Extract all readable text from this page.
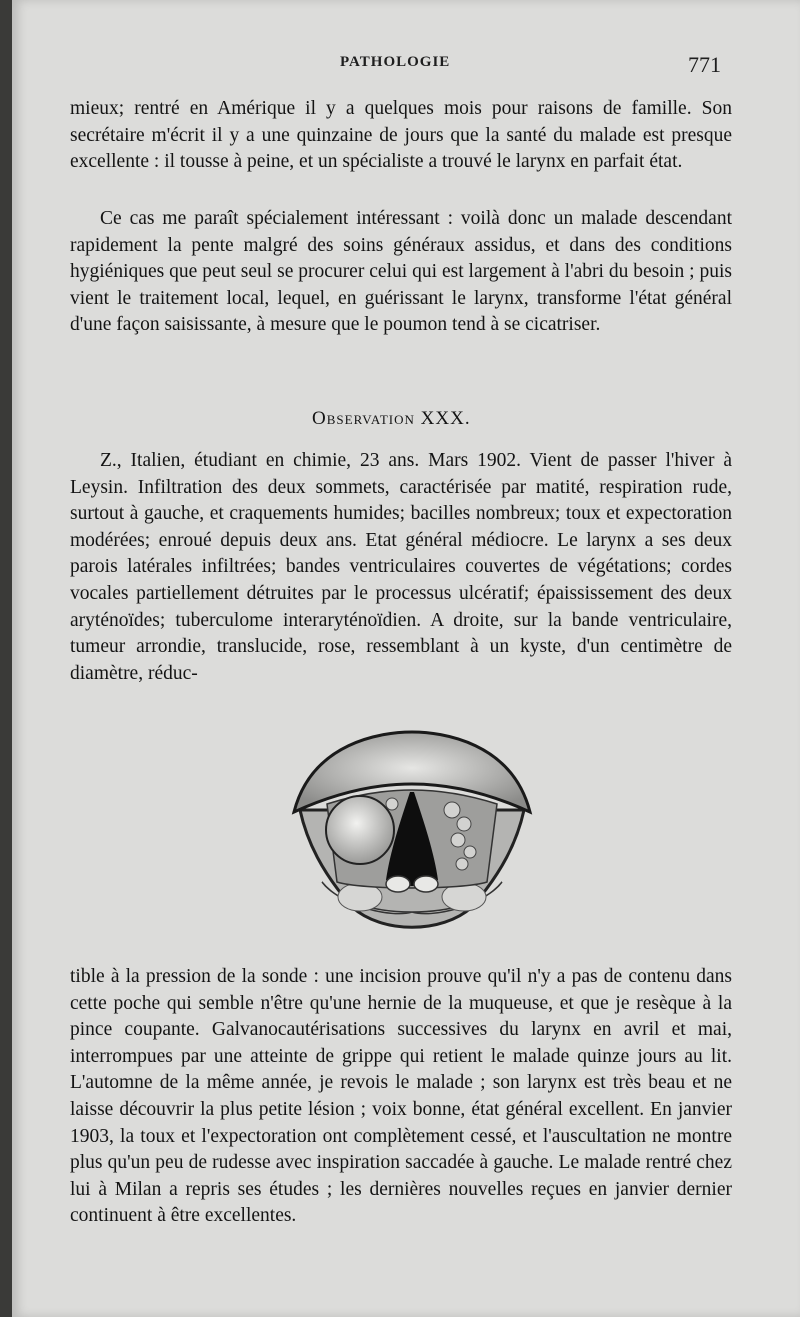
PATHOLOGIE	771

mieux; rentré en Amérique il y a quelques mois pour raisons de famille. Son secrétaire m'écrit il y a une quinzaine de jours que la santé du malade est presque excellente : il tousse à peine, et un spécialiste a trouvé le larynx en parfait état.

Ce cas me paraît spécialement intéressant : voilà donc un malade descendant rapidement la pente malgré des soins généraux assidus, et dans des conditions hygiéniques que peut seul se procurer celui qui est largement à l'abri du besoin ; puis vient le traitement local, lequel, en guérissant le larynx, transforme l'état général d'une façon saisissante, à mesure que le poumon tend à se cicatriser.

Observation XXX.

Z., Italien, étudiant en chimie, 23 ans. Mars 1902. Vient de passer l'hiver à Leysin. Infiltration des deux sommets, caractérisée par matité, respiration rude, surtout à gauche, et craquements humides; bacilles nombreux; toux et expectoration modérées; enroué depuis deux ans. Etat général médiocre. Le larynx a ses deux parois latérales infiltrées; bandes ventriculaires couvertes de végétations; cordes vocales partiellement détruites par le processus ulcératif; épaississement des deux aryténoïdes; tuberculome interaryténoïdien. A droite, sur la bande ventriculaire, tumeur arrondie, translucide, rose, ressemblant à un kyste, d'un centimètre de diamètre, réduc-

tible à la pression de la sonde : une incision prouve qu'il n'y a pas de contenu dans cette poche qui semble n'être qu'une hernie de la muqueuse, et que je resèque à la pince coupante. Galvanocautérisations successives du larynx en avril et mai, interrompues par une atteinte de grippe qui retient le malade quinze jours au lit. L'automne de la même année, je revois le malade ; son larynx est très beau et ne laisse découvrir la plus petite lésion ; voix bonne, état général excellent. En janvier 1903, la toux et l'expectoration ont complètement cessé, et l'auscultation ne montre plus qu'un peu de rudesse avec inspiration saccadée à gauche. Le malade rentré chez lui à Milan a repris ses études ; les dernières nouvelles reçues en janvier dernier continuent à être excellentes.
